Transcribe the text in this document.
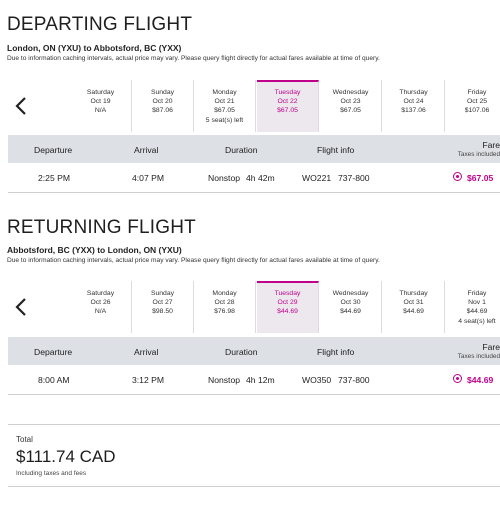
DEPARTING FLIGHT
London, ON (YXU) to Abbotsford, BC (YXX)
Due to information caching intervals, actual price may vary. Please query flight directly for actual fares available at time of query.
Saturday
Oct 19
N/A
Sunday
Oct 20
$87.06
Monday
Oct 21
$67.05
5 seat(s) left
Tuesday
Oct 22
$67.05
Wednesday
Oct 23
$67.05
Thursday
Oct 24
$137.06
Friday
Oct 25
$107.06
Departure	Arrival	Duration	Flight info	Fare
Taxes included
2:25 PM	4:07 PM	Nonstop 4h 42m	WO221 737-800	$67.05
RETURNING FLIGHT
Abbotsford, BC (YXX) to London, ON (YXU)
Due to information caching intervals, actual price may vary. Please query flight directly for actual fares available at time of query.
Saturday
Oct 26
N/A
Sunday
Oct 27
$98.50
Monday
Oct 28
$76.98
Tuesday
Oct 29
$44.69
Wednesday
Oct 30
$44.69
Thursday
Oct 31
$44.69
Friday
Nov 1
$44.69
4 seat(s) left
Departure	Arrival	Duration	Flight info	Fare
Taxes included
8:00 AM	3:12 PM	Nonstop 4h 12m	WO350 737-800	$44.69
Total
$111.74 CAD
Including taxes and fees
